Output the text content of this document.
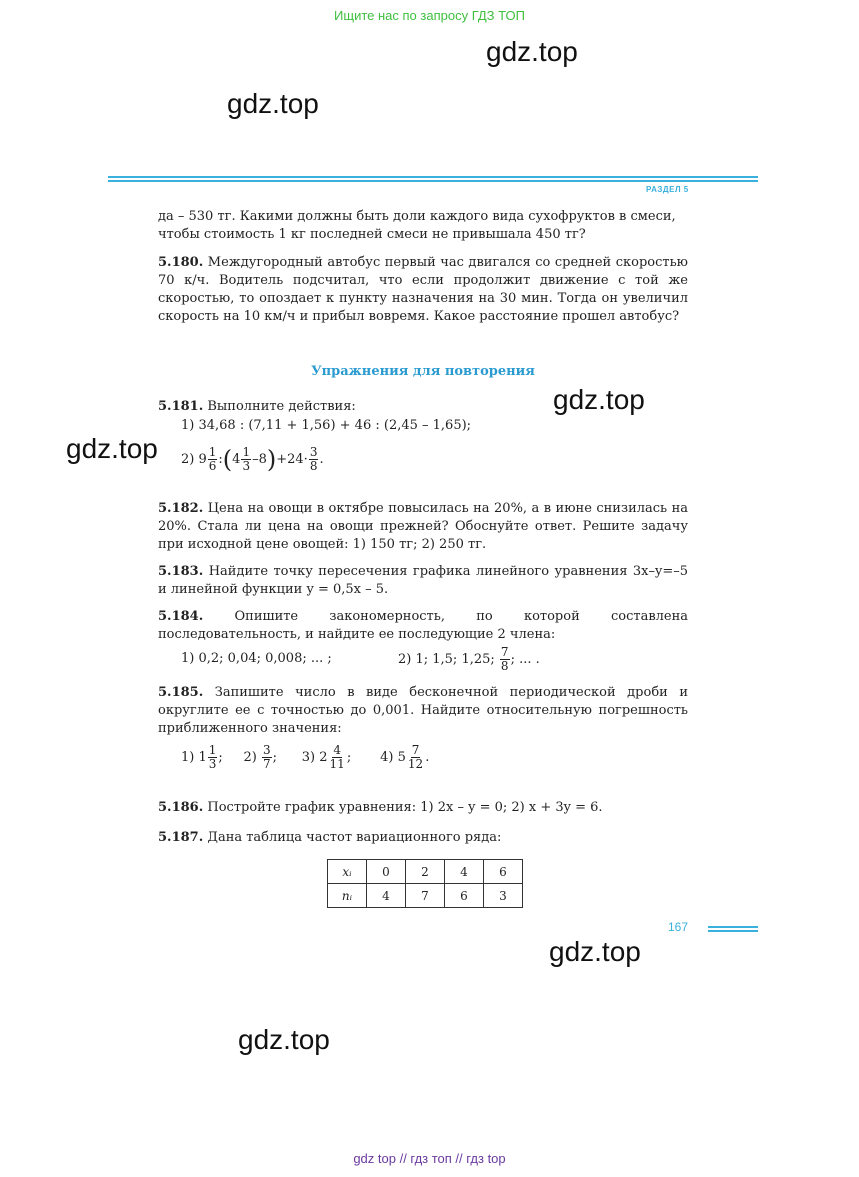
Ищите нас по запросу ГДЗ ТОП
gdz.top
gdz.top
РАЗДЕЛ 5
да – 530 тг. Какими должны быть доли каждого вида сухофруктов в смеси,
чтобы стоимость 1 кг последней смеси не привышала 450 тг?
5.180. Междугородный автобус первый час двигался со средней скоростью 70 к/ч. Водитель подсчитал, что если продолжит движение с той же скоростью, то опоздает к пункту назначения на 30 мин. Тогда он увеличил скорость на 10 км/ч и прибыл вовремя. Какое расстояние прошел автобус?
Упражнения для повторения
gdz.top
5.181. Выполните действия:
1) 34,68 : (7,11 + 1,56) + 46 : (2,45 – 1,65);
gdz.top 2) $9 \frac{1}{6}$ :(4 $\frac{1}{3} -8)+24\cdot \frac{3}{8}$ .
5.182. Цена на овощи в октябре повысилась на 20%, а в июне снизилась на 20%. Стала ли цена на овощи прежней? Обоснуйте ответ. Решите задачу при исходной цене овощей: 1) 150 тг; 2) 250 тг.
5.183. Найдите точку пересечения графика линейного уравнения 3x–y=–5 и линейной функции y = 0,5x – 5.
5.184. Опишите закономерность, по которой составлена последовательность, и найдите ее последующие 2 члена:
1) 0,2; 0,04; 0,008; ... ;	2) 1; 1,5; 1,25; $\frac{7}{8}$ ; ... .
5.185. Запишите число в виде бесконечной периодической дроби и округлите ее с точностью до 0,001. Найдите относительную погрешность приближенного значения:
1) $1 \frac{1}{3}$ ; $2) \frac{3}{7}$ ; 3) $2 \frac{4}{11}$ ; 4) $5 \frac{7}{12}$ .
5.186. Постройте график уравнения: 1) 2x – y = 0; 2) x + 3y = 6.
5.187. Дана таблица частот вариационного ряда:
xᵢ	0	2	4	6
nᵢ	4	7	6	3
167
gdz.top
gdz.top
gdz top // гдз топ // гдз top
